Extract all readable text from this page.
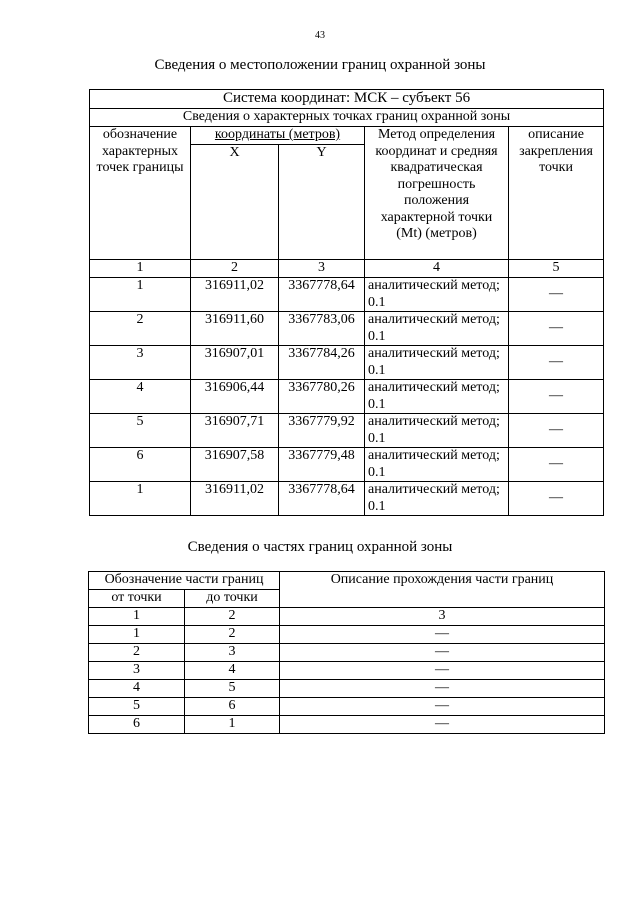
43
Сведения о местоположении границ охранной зоны
Система координат: МСК – субъект 56				
Сведения о характерных точках границ охранной зоны				
обозначение характерных точек границы	координаты (метров)		Метод определения координат и средняя квадратическая погрешность положения характерной точки (Mt) (метров)	описание закрепления точки
	X	Y		
1	2	3	4	5
1	316911,02	3367778,64	аналитический метод; 0.1	—
2	316911,60	3367783,06	аналитический метод; 0.1	—
3	316907,01	3367784,26	аналитический метод; 0.1	—
4	316906,44	3367780,26	аналитический метод; 0.1	—
5	316907,71	3367779,92	аналитический метод; 0.1	—
6	316907,58	3367779,48	аналитический метод; 0.1	—
1	316911,02	3367778,64	аналитический метод; 0.1	—
Сведения о частях границ охранной зоны
Обозначение части границ		Описание прохождения части границ
от точки	до точки	
1	2	3
1	2	—
2	3	—
3	4	—
4	5	—
5	6	—
6	1	—
